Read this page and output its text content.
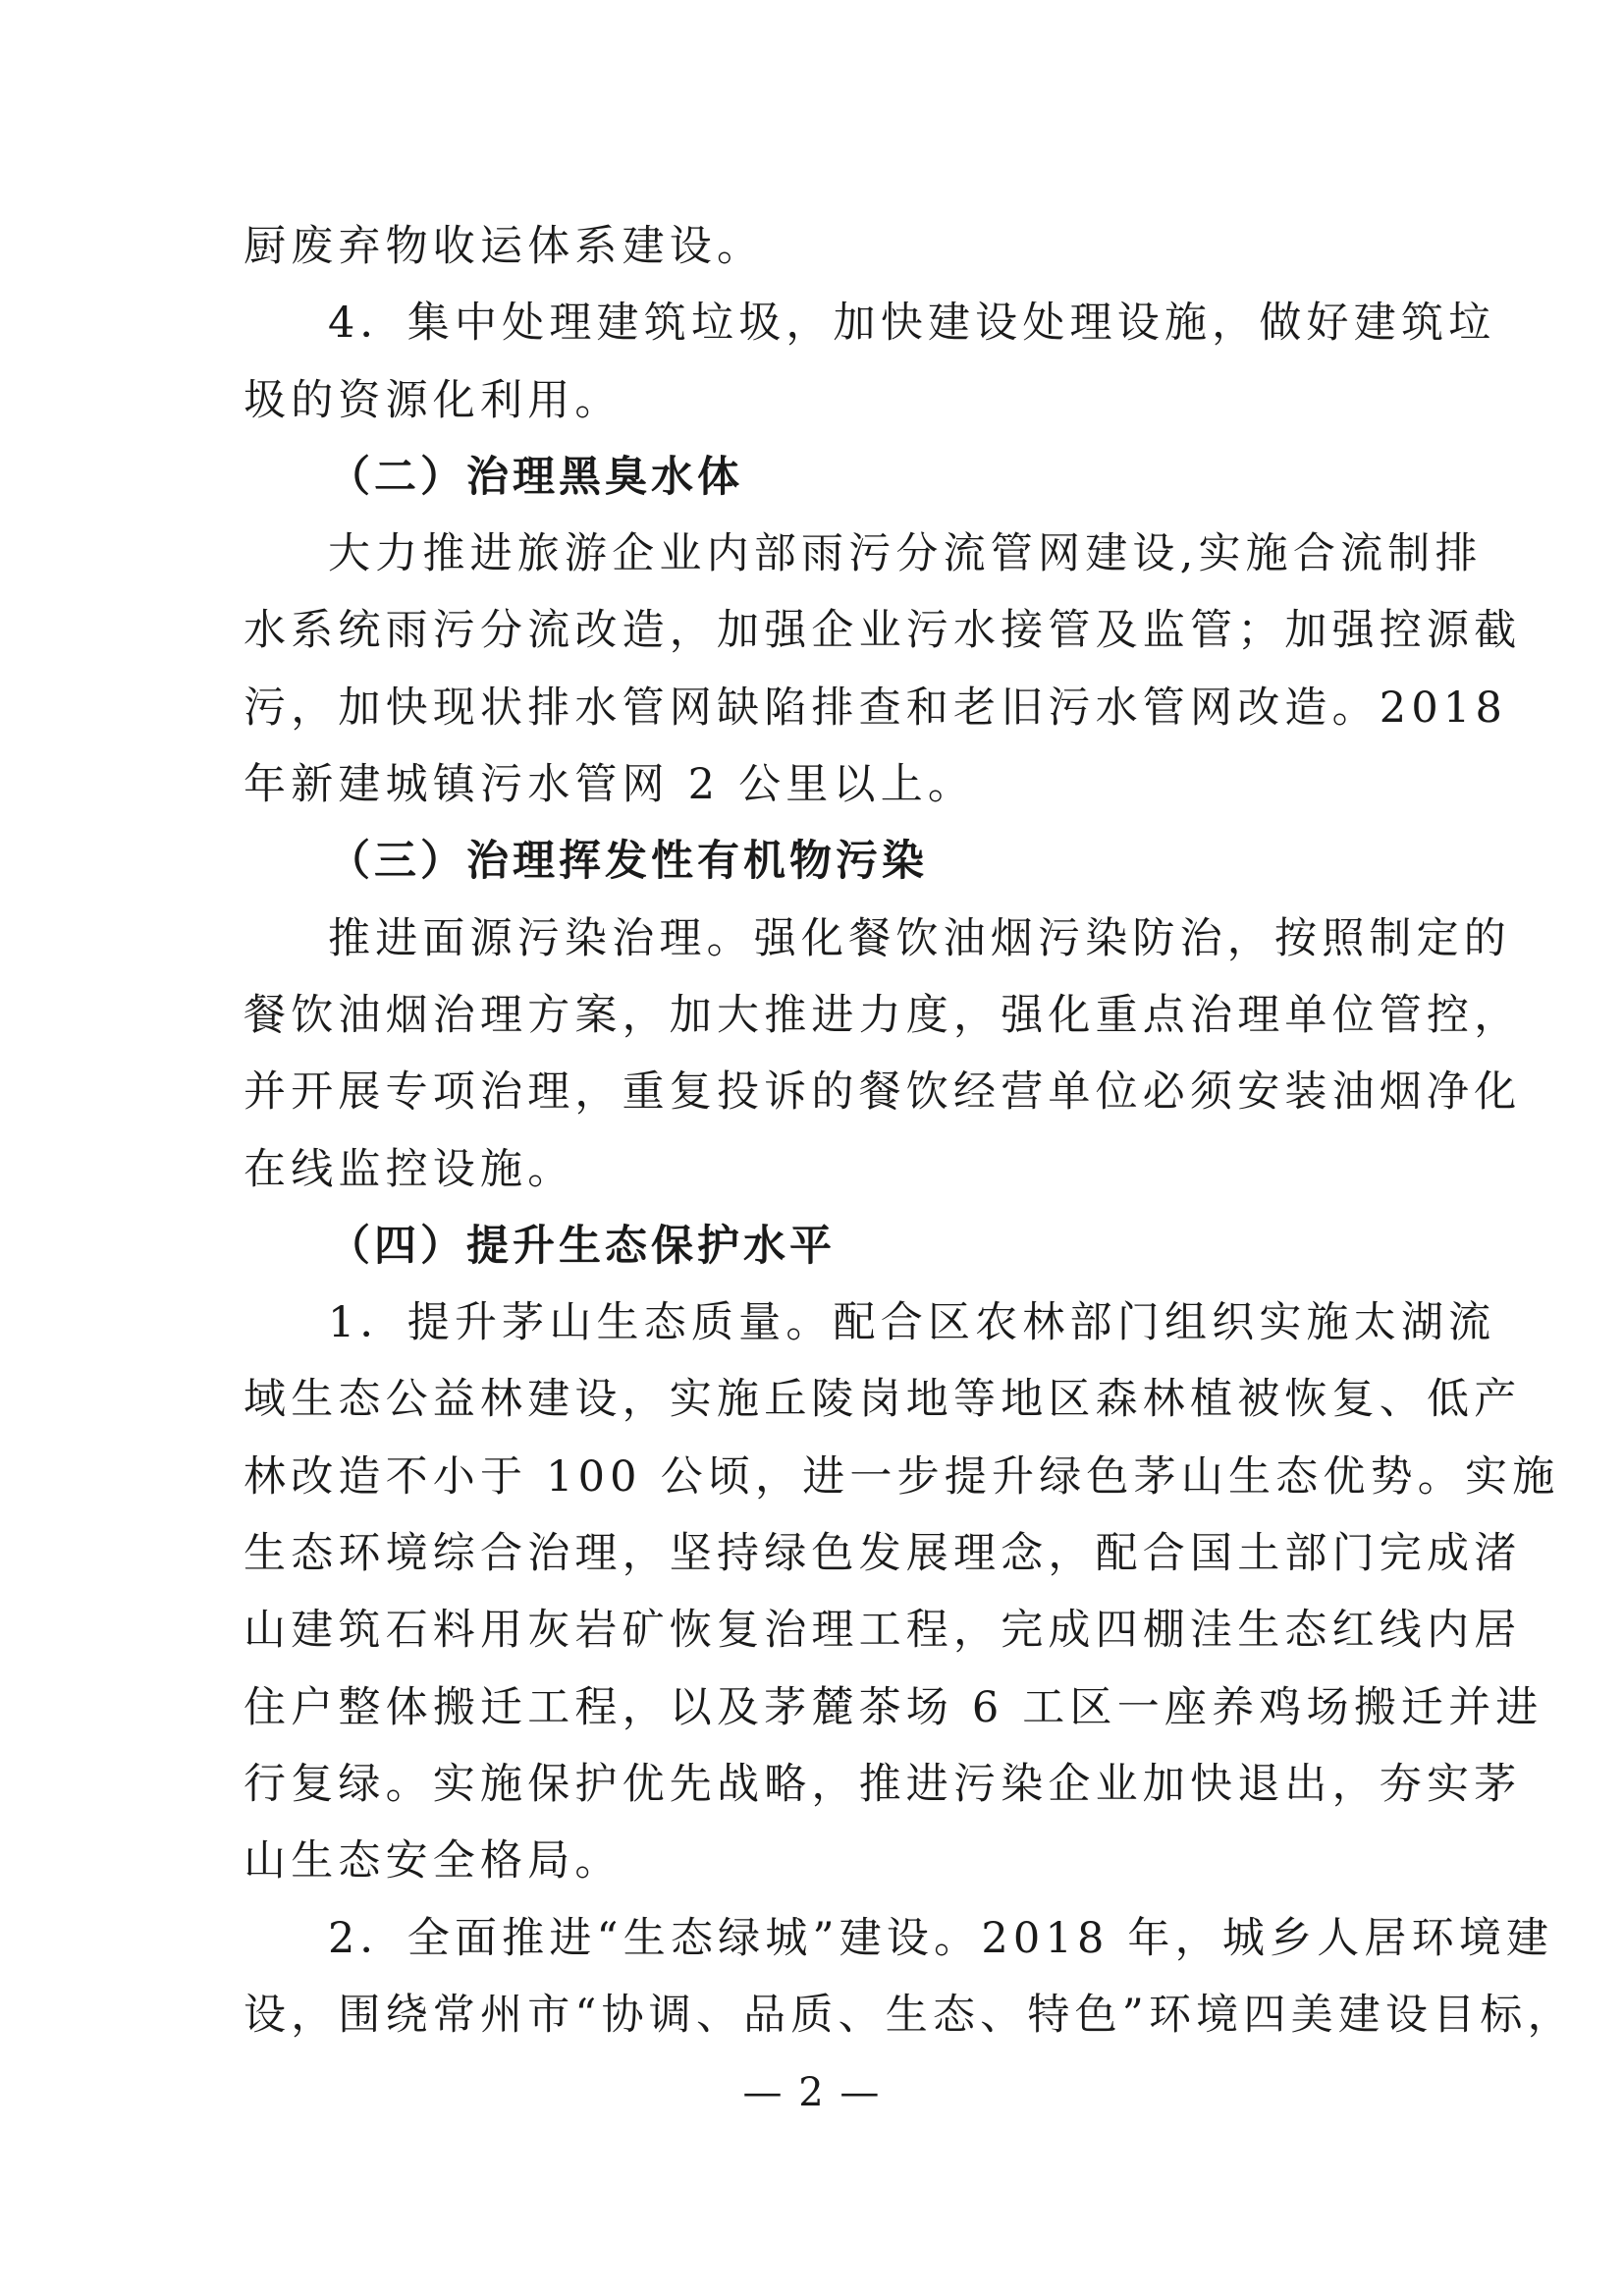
厨废弃物收运体系建设。
4．集中处理建筑垃圾，加快建设处理设施，做好建筑垃
圾的资源化利用。
（二）治理黑臭水体
大力推进旅游企业内部雨污分流管网建设,实施合流制排
水系统雨污分流改造，加强企业污水接管及监管；加强控源截
污，加快现状排水管网缺陷排查和老旧污水管网改造。2018
年新建城镇污水管网 2 公里以上。
（三）治理挥发性有机物污染
推进面源污染治理。强化餐饮油烟污染防治，按照制定的
餐饮油烟治理方案，加大推进力度，强化重点治理单位管控，
并开展专项治理，重复投诉的餐饮经营单位必须安装油烟净化
在线监控设施。
（四）提升生态保护水平
1．提升茅山生态质量。配合区农林部门组织实施太湖流
域生态公益林建设，实施丘陵岗地等地区森林植被恢复、低产
林改造不小于 100 公顷，进一步提升绿色茅山生态优势。实施
生态环境综合治理，坚持绿色发展理念，配合国土部门完成渚
山建筑石料用灰岩矿恢复治理工程，完成四棚洼生态红线内居
住户整体搬迁工程，以及茅麓茶场 6 工区一座养鸡场搬迁并进
行复绿。实施保护优先战略，推进污染企业加快退出，夯实茅
山生态安全格局。
2．全面推进“生态绿城”建设。2018 年，城乡人居环境建
设，围绕常州市“协调、品质、生态、特色”环境四美建设目标，
— 2 —
